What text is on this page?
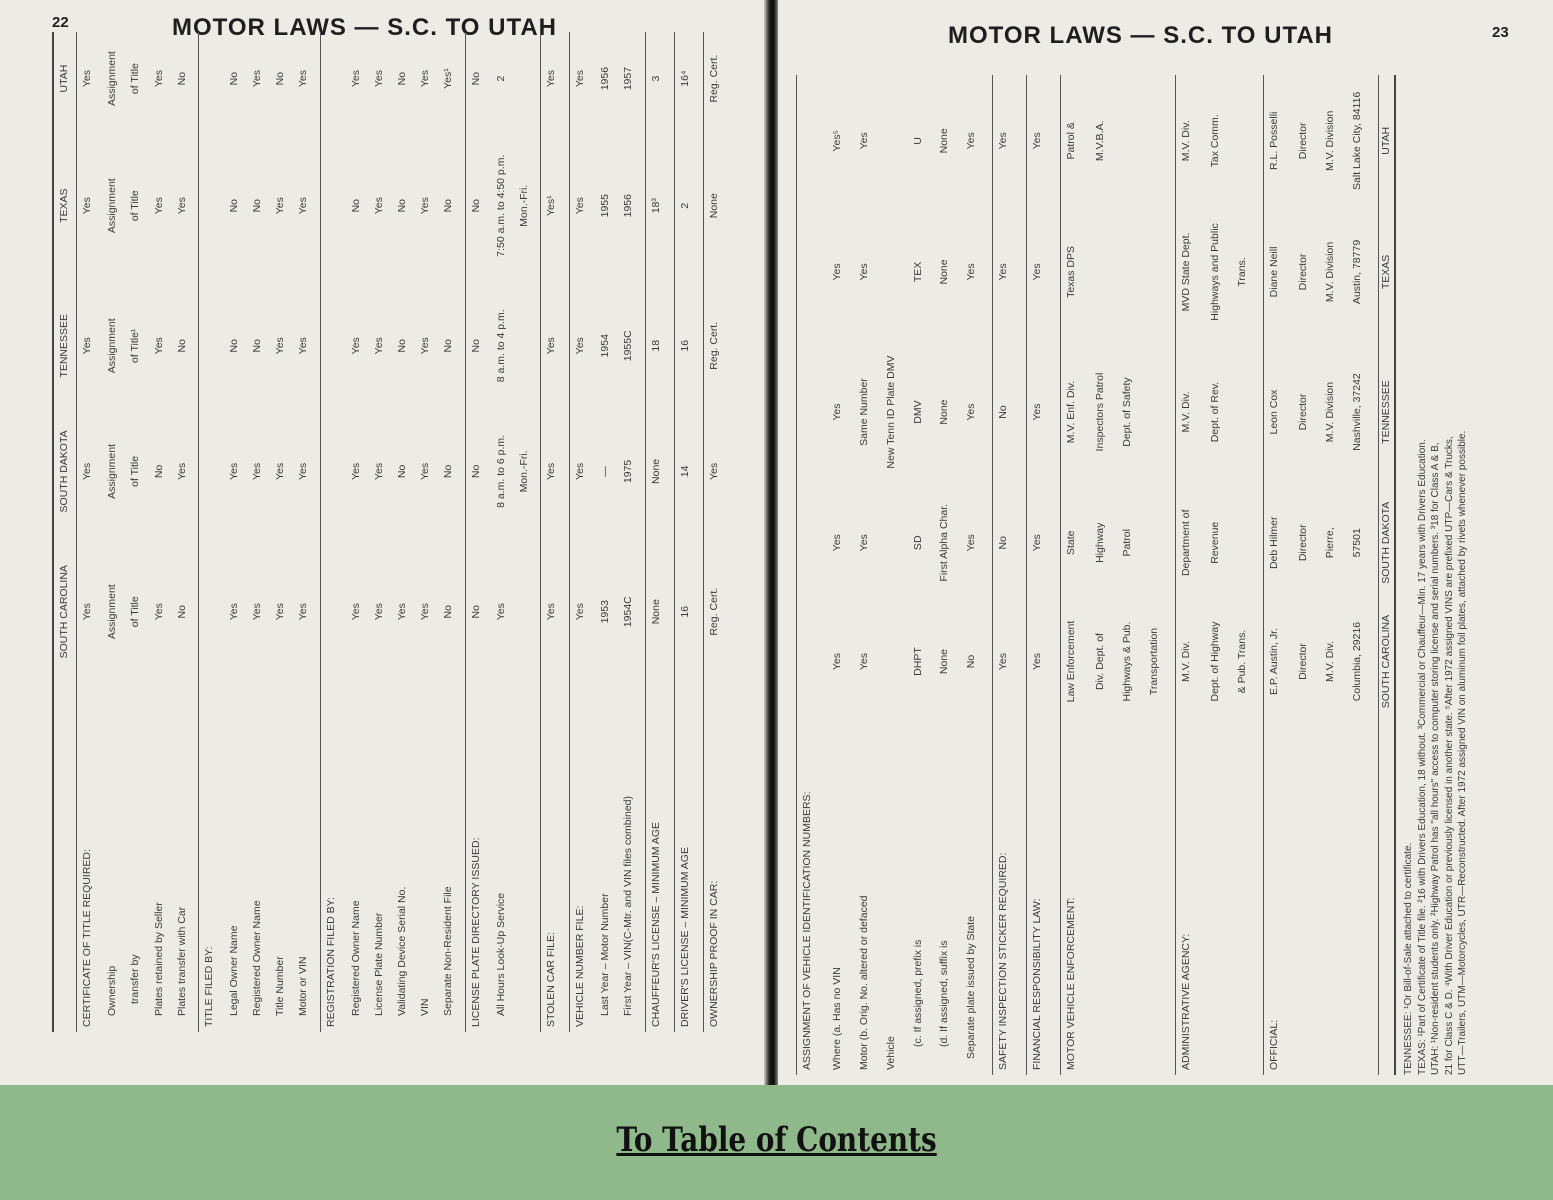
22	MOTOR LAWS — S.C. TO UTAH
	SOUTH CAROLINA	SOUTH DAKOTA	TENNESSEE	TEXAS	UTAH
CERTIFICATE OF TITLE REQUIRED:	Yes	Yes	Yes	Yes	Yes
Ownership	Assignment	Assignment	Assignment	Assignment	Assignment
transfer by	of Title	of Title	of Title¹	of Title	of Title
Plates retained by Seller	Yes	No	Yes	Yes	Yes
Plates transfer with Car	No	Yes	No	Yes	No
TITLE FILED BY:					
Legal Owner Name	Yes	Yes	No	No	No
Registered Owner Name	Yes	Yes	No	No	Yes
Title Number	Yes	Yes	Yes	Yes	No
Motor or VIN	Yes	Yes	Yes	Yes	Yes
REGISTRATION FILED BY:					
Registered Owner Name	Yes	Yes	Yes	No	Yes
License Plate Number	Yes	Yes	Yes	Yes	Yes
Validating Device Serial No.	Yes	No	No	No	No
VIN	Yes	Yes	Yes	Yes	Yes
Separate Non-Resident File	No	No	No	No	Yes¹
LICENSE PLATE DIRECTORY ISSUED:	No	No	No	No	No
All Hours Look-Up Service	Yes	8 a.m. to 6 p.m.	8 a.m. to 4 p.m.	7:50 a.m. to 4:50 p.m.	2
		Mon.-Fri.		Mon.-Fri.	
STOLEN CAR FILE:	Yes	Yes	Yes	Yes¹	Yes
VEHICLE NUMBER FILE:	Yes	Yes	Yes	Yes	Yes
Last Year – Motor Number	1953	—	1954	1955	1956
First Year – VIN(C-Mtr. and VIN files combined)	1954C	1975	1955C	1956	1957
CHAUFFEUR'S LICENSE – MINIMUM AGE	None	None	18	18³	3
DRIVER'S LICENSE – MINIMUM AGE	16	14	16	2	16⁴
OWNERSHIP PROOF IN CAR:	Reg. Cert.	Yes	Reg. Cert.	None	Reg. Cert.
MOTOR LAWS — S.C. TO UTAH	23
ASSIGNMENT OF VEHICLE IDENTIFICATION NUMBERS:					
Where (a. Has no VIN	Yes	Yes	Yes	Yes	Yes⁵
Motor (b. Orig. No. altered or defaced	Yes	Yes	Same Number	Yes	Yes
Vehicle			New Tenn ID Plate DMV		
(c. If assigned, prefix is	DHPT	SD	DMV	TEX	U
(d. If assigned, suffix is	None	First Alpha Char.	None	None	None
Separate plate issued by State	No	Yes	Yes	Yes	Yes
SAFETY INSPECTION STICKER REQUIRED:	Yes	No	No	Yes	Yes
FINANCIAL RESPONSIBILITY LAW:	Yes	Yes	Yes	Yes	Yes
MOTOR VEHICLE ENFORCEMENT:	Law Enforcement	State	M.V. Enf. Div.	Texas DPS	Patrol &
	Div. Dept. of	Highway	Inspectors Patrol		M.V.B.A.
	Highways & Pub.	Patrol	Dept. of Safety		
	Transportation				
ADMINISTRATIVE AGENCY:	M.V. Div.	Department of	M.V. Div.	MVD State Dept.	M.V. Div.
	Dept. of Highway	Revenue	Dept. of Rev.	Highways and Public	Tax Comm.
	& Pub. Trans.			Trans.	
OFFICIAL:	E.P. Austin, Jr.	Deb Hilmer	Leon Cox	Diane Neill	R.L. Posselli
	Director	Director	Director	Director	Director
	M.V. Div.	Pierre,	M.V. Division	M.V. Division	M.V. Division
	Columbia, 29216	57501	Nashville, 37242	Austin, 78779	Salt Lake City, 84116
	SOUTH CAROLINA	SOUTH DAKOTA	TENNESSEE	TEXAS	UTAH
TENNESSEE: ¹Or Bill-of-Sale attached to certificate. TEXAS: ¹Part of Certificate of Title file. ²16 with Drivers Education, 18 without. ³Commercial or Chauffeur—Min. 17 years with Drivers Education. UTAH: ¹Non-resident students only. ²Highway Patrol has "all hours" access to computer storing license and serial numbers. ³18 for Class A & B, 21 for Class C & D. ⁴With Driver Education or previously licensed in another state. ⁵After 1972 assigned VINS are prefixed UTP—Cars & Trucks, UTT—Trailers, UTM—Motorcycles, UTR—Reconstructed. After 1972 assigned VIN on aluminum foil plates, attached by rivets whenever possible.
To Table of Contents
